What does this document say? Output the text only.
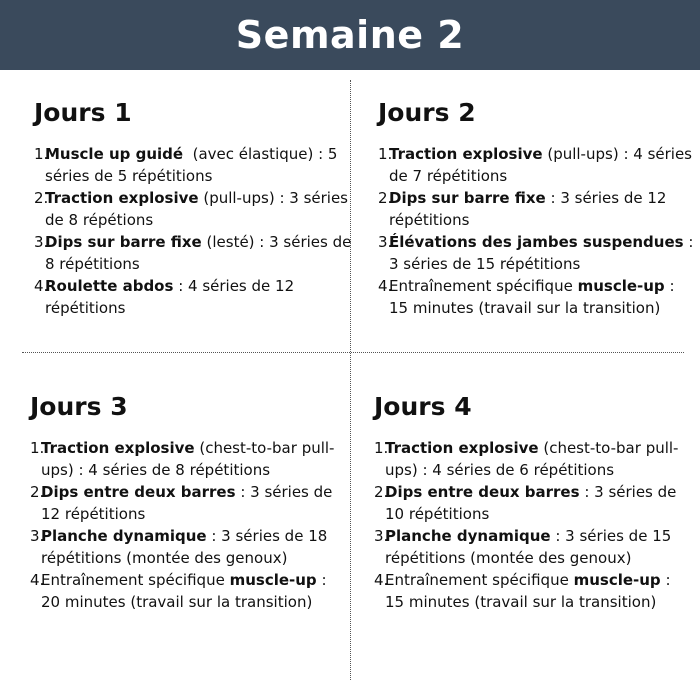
Semaine 2
Jours 1
1.
Muscle up guidé  (avec élastique) : 5 séries de 5 répétitions
2.
Traction explosive (pull-ups) : 3 séries de 8 répétions
3.
Dips sur barre fixe (lesté) : 3 séries de 8 répétitions
4.
Roulette abdos : 4 séries de 12 répétitions
Jours 2
1.
Traction explosive (pull-ups) : 4 séries de 7 répétitions
2.
Dips sur barre fixe : 3 séries de 12 répétitions
3.
Élévations des jambes suspendues : 3 séries de 15 répétitions
4.
Entraînement spécifique muscle-up : 15 minutes (travail sur la transition)
Jours 3
1.
Traction explosive (chest-to-bar pull-ups) : 4 séries de 8 répétitions
2.
Dips entre deux barres : 3 séries de 12 répétitions
3.
Planche dynamique : 3 séries de 18 répétitions (montée des genoux)
4.
Entraînement spécifique muscle-up : 20 minutes (travail sur la transition)
Jours 4
1.
Traction explosive (chest-to-bar pull-ups) : 4 séries de 6 répétitions
2.
Dips entre deux barres : 3 séries de 10 répétitions
3.
Planche dynamique : 3 séries de 15 répétitions (montée des genoux)
4.
Entraînement spécifique muscle-up : 15 minutes (travail sur la transition)
